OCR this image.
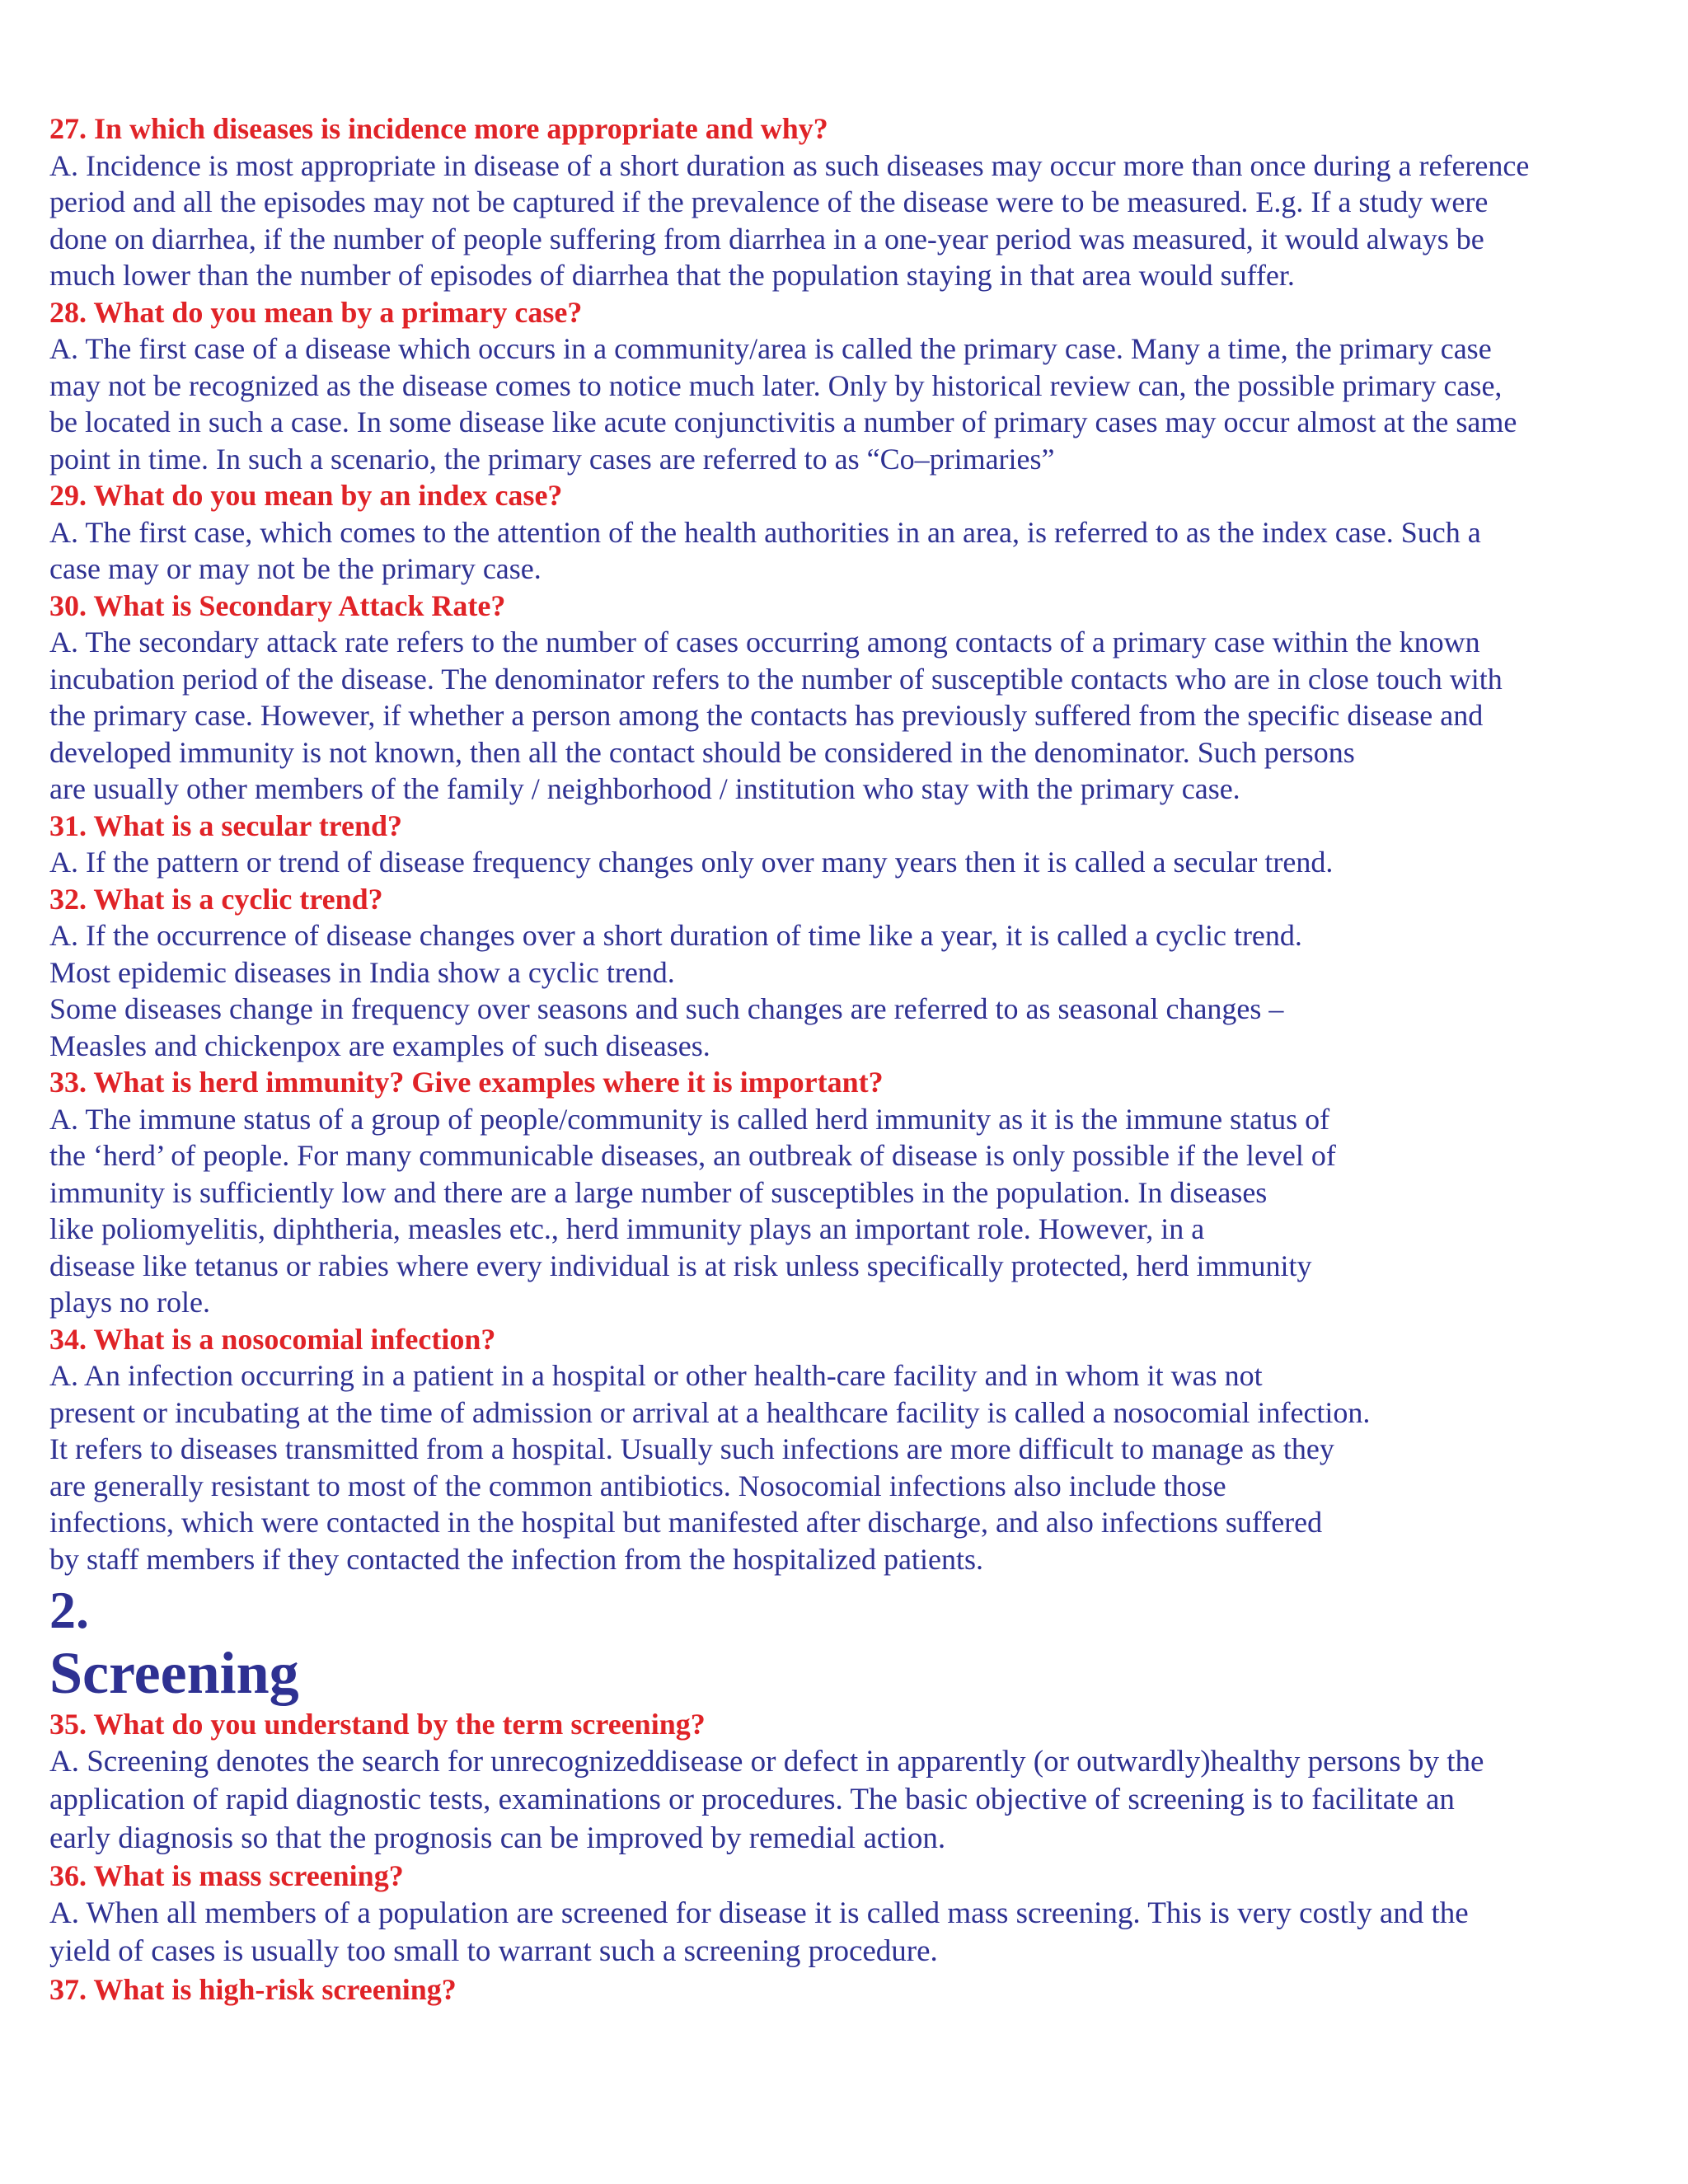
27. In which diseases is incidence more appropriate and why?
A. Incidence is most appropriate in disease of a short duration as such diseases may occur more than once during a reference
period and all the episodes may not be captured if the prevalence of the disease were to be measured. E.g. If a study were
done on diarrhea, if the number of people suffering from diarrhea in a one-year period was measured, it would always be
much lower than the number of episodes of diarrhea that the population staying in that area would suffer.
28. What do you mean by a primary case?
A. The first case of a disease which occurs in a community/area is called the primary case. Many a time, the primary case
may not be recognized as the disease comes to notice much later. Only by historical review can, the possible primary case,
be located in such a case. In some disease like acute conjunctivitis a number of primary cases may occur almost at the same
point in time. In such a scenario, the primary cases are referred to as “Co–primaries”
29. What do you mean by an index case?
A. The first case, which comes to the attention of the health authorities in an area, is referred to as the index case. Such a
case may or may not be the primary case.
30. What is Secondary Attack Rate?
A. The secondary attack rate refers to the number of cases occurring among contacts of a primary case within the known
incubation period of the disease. The denominator refers to the number of susceptible contacts who are in close touch with
the primary case. However, if whether a person among the contacts has previously suffered from the specific disease and
developed immunity is not known, then all the contact should be considered in the denominator. Such persons
are usually other members of the family / neighborhood / institution who stay with the primary case.
31. What is a secular trend?
A. If the pattern or trend of disease frequency changes only over many years then it is called a secular trend.
32. What is a cyclic trend?
A. If the occurrence of disease changes over a short duration of time like a year, it is called a cyclic trend.
Most epidemic diseases in India show a cyclic trend.
Some diseases change in frequency over seasons and such changes are referred to as seasonal changes –
Measles and chickenpox are examples of such diseases.
33. What is herd immunity? Give examples where it is important?
A. The immune status of a group of people/community is called herd immunity as it is the immune status of
the ‘herd’ of people. For many communicable diseases, an outbreak of disease is only possible if the level of
immunity is sufficiently low and there are a large number of susceptibles in the population. In diseases
like poliomyelitis, diphtheria, measles etc., herd immunity plays an important role. However, in a
disease like tetanus or rabies where every individual is at risk unless specifically protected, herd immunity
plays no role.
34. What is a nosocomial infection?
A. An infection occurring in a patient in a hospital or other health-care facility and in whom it was not
present or incubating at the time of admission or arrival at a healthcare facility is called a nosocomial infection.
It refers to diseases transmitted from a hospital. Usually such infections are more difficult to manage as they
are generally resistant to most of the common antibiotics. Nosocomial infections also include those
infections, which were contacted in the hospital but manifested after discharge, and also infections suffered
by staff members if they contacted the infection from the hospitalized patients.
2.
Screening
35. What do you understand by the term screening?
A. Screening denotes the search for unrecognizeddisease or defect in apparently (or outwardly)healthy persons by the
application of rapid diagnostic tests, examinations or procedures. The basic objective of screening is to facilitate an
early diagnosis so that the prognosis can be improved by remedial action.
36. What is mass screening?
A. When all members of a population are screened for disease it is called mass screening. This is very costly and the
yield of cases is usually too small to warrant such a screening procedure.
37. What is high-risk screening?
